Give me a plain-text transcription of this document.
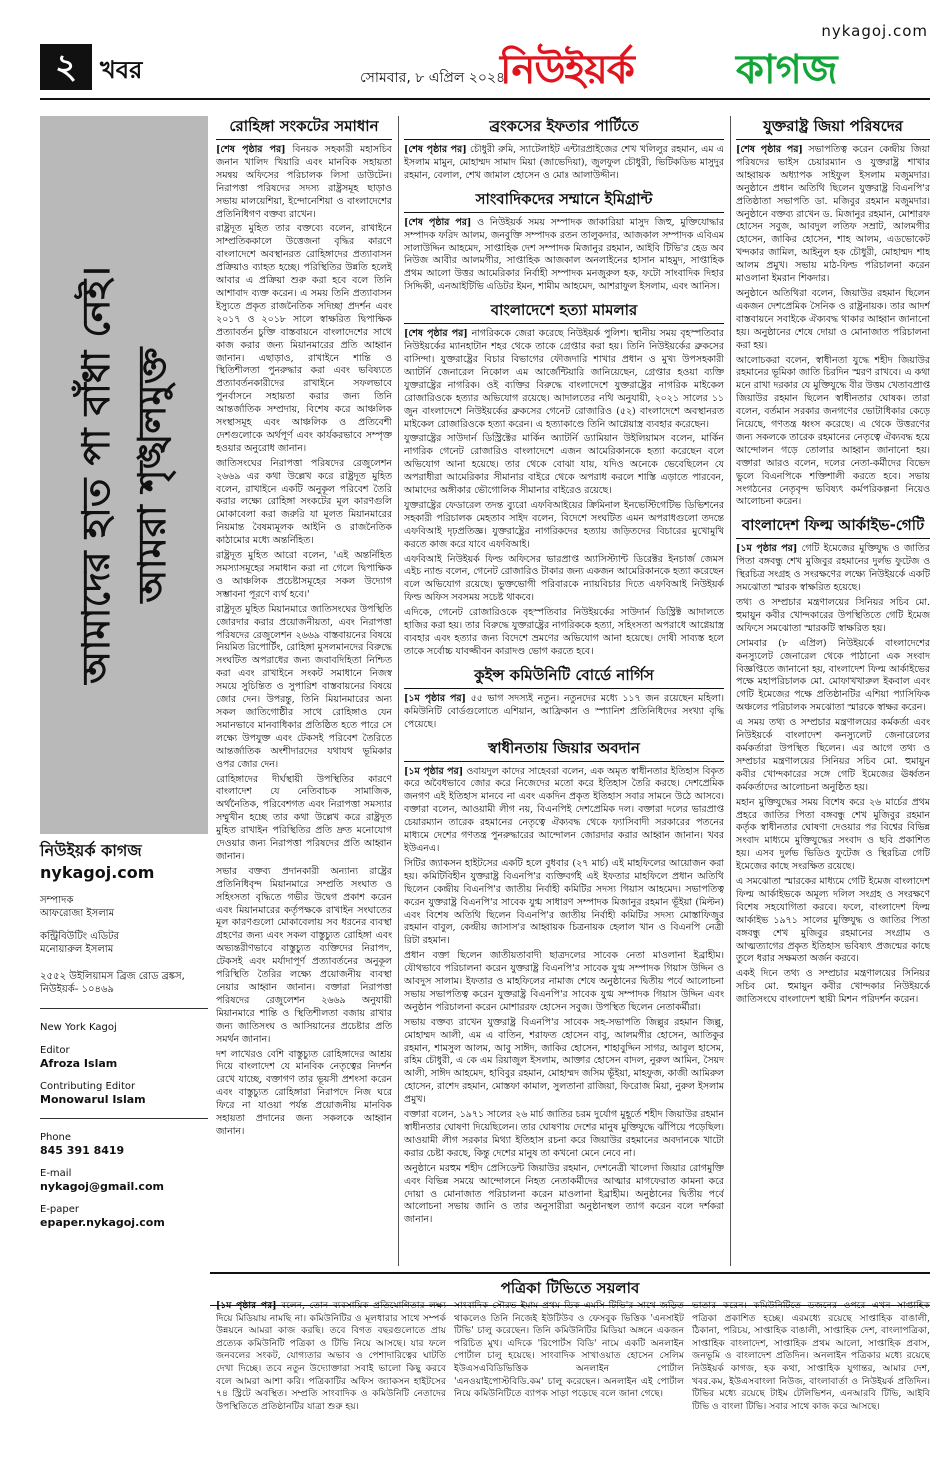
২ খবর	সোমবার, ৮ এপ্রিল ২০২৪
nykagoj.com
নিউইয়র্ক	কাগজ
আমাদের হাত পা বাঁধা নেই। আমরা শৃঙ্খলমুক্ত
নিউইয়র্ক কাগজ
nykagoj.com
সম্পাদক
আফরোজা ইসলাম
কন্ট্রিবিউটিং এডিটর
মনোয়ারুল ইসলাম
২৫৫২ উইলিয়ামস ব্রিজ রোড ব্রঙ্কস, নিউইয়র্ক- ১০৪৬৯
New York Kagoj
Editor
Afroza Islam
Contributing Editor
Monowarul Islam
Phone
845 391 8419
E-mail
nykagoj@gmail.com
E-paper
epaper.nykagoj.com
রোহিঙ্গা সংকটের সমাধান

[শেষ পৃষ্ঠার পর] বিনয়ক সহকারী মহাসচিব জনান খালিদ খিয়ারি এবং মানবিক সহায়তা সমন্বয় অফিসের পরিচালক লিসা ডাউটেন। নিরাপত্তা পরিষদের সদস্য রাষ্ট্রসমূহ ছাড়াও সভায় মালয়েশিয়া, ইন্দোনেশিয়া ও বাংলাদেশের প্রতিনিধিগণ বক্তব্য রাখেন।

রাষ্ট্রদূত মুহিত তার বক্তব্যে বলেন, রাখাইনে সাম্প্রতিককালে উত্তেজনা বৃদ্ধির কারণে বাংলাদেশে অবস্থানরত রোহিঙ্গাদের প্রত্যাবাসন প্রক্রিয়াও ব্যাহত হচ্ছে। পরিস্থিতির উন্নতি হলেই আবার এ প্রক্রিয়া শুরু করা হবে বলে তিনি আশাবাদ ব্যক্ত করেন। এ সময় তিনি প্রত্যাবাসন ইস্যুতে প্রকৃত রাজনৈতিক সদিচ্ছা প্রদর্শন এবং ২০১৭ ও ২০১৮ সালে স্বাক্ষরিত দ্বিপাক্ষিক প্রত্যাবর্তন চুক্তি বাস্তবায়নে বাংলাদেশের সাথে কাজ করার জন্য মিয়ানমারের প্রতি আহ্বান জানান। এছাড়াও, রাখাইনে শান্তি ও স্থিতিশীলতা পুনরুদ্ধার করা এবং ভবিষ্যতে প্রত্যাবর্তনকারীদের রাখাইনে সফলভাবে পুনর্বাসনে সহায়তা করার জন্য তিনি আন্তর্জাতিক সম্প্রদায়, বিশেষ করে আঞ্চলিক সংস্থাসমূহ এবং আঞ্চলিক ও প্রতিবেশী দেশগুলোকে অর্থপূর্ণ এবং কার্যকরভাবে সম্পৃক্ত হওয়ার অনুরোধ জানান।

জাতিসংঘের নিরাপত্তা পরিষদের রেজুলেশন ২৬৬৯ এর কথা উল্লেখ করে রাষ্ট্রদূত মুহিত বলেন, রাখাইনে একটি অনুকূল পরিবেশ তৈরি করার লক্ষ্যে রোহিঙ্গা সংকটের মূল কারণগুলি মোকাবেলা করা জরুরি যা মূলত মিয়ানমারের নিয়মান্ত বৈষম্যমূলক আইনি ও রাজনৈতিক কাঠামোর মধ্যে অন্তর্নিহিত।

রাষ্ট্রদূত মুহিত আরো বলেন, 'এই অন্তর্নিহিত সমস্যাসমূহের সমাধান করা না গেলে দ্বিপাক্ষিক ও আঞ্চলিক প্রচেষ্টাসমূহের সকল উদ্যোগ সম্ভাবনা পূরণে ব্যর্থ হবে।'

রাষ্ট্রদূত মুহিত মিয়ানমারে জাতিসংঘের উপস্থিতি জোরদার করার প্রয়োজনীয়তা, এবং নিরাপত্তা পরিষদের রেজুলেশন ২৬৬৯ বাস্তবায়নের বিষয়ে নিয়মিত রিপোর্টিং, রোহিঙ্গা মুসলমানদের বিরুদ্ধে সংঘটিত অপরাধের জন্য জবাবদিহিতা নিশ্চিত করা এবং রাখাইনে সংকট সমাধানে নিজস্ব সময়ে সুচিন্তিত ও সুপারিশ বাস্তবায়নের বিষয়ে জোর দেন। উপরন্তু, তিনি মিয়ানমারের অন্য সকল জাতিগোষ্ঠীর সাথে রোহিঙ্গাও যেন সমানভাবে মানবাধিকার প্রতিষ্ঠিত হতে পারে সে লক্ষ্যে উপযুক্ত এবং টেকসই পরিবেশ তৈরিতে আন্তর্জাতিক অংশীদারদের যথাযথ ভূমিকার ওপর জোর দেন।

রোহিঙ্গাদের দীর্ঘস্থায়ী উপস্থিতির কারণে বাংলাদেশ যে নেতিবাচক সামাজিক, অর্থনৈতিক, পরিবেশগত এবং নিরাপত্তা সমস্যার সম্মুখীন হচ্ছে তার কথা উল্লেখ করে রাষ্ট্রদূত মুহিত রাখাইন পরিস্থিতির প্রতি দ্রুত মনোযোগ দেওয়ার জন্য নিরাপত্তা পরিষদের প্রতি আহ্বান জানান।

সভার বক্তব্য প্রদানকারী অন্যান্য রাষ্ট্রের প্রতিনিধিবৃন্দ মিয়ানমারে সম্প্রতি সংঘাত ও সহিংসতা বৃদ্ধিতে গভীর উদ্বেগ প্রকাশ করেন এবং মিয়ানমারের কর্তৃপক্ষকে রাখাইন সংঘাতের মূল কারণগুলো মোকাবেলায় সব ধরনের ব্যবস্থা গ্রহণের জন্য এবং সকল বাস্তুচ্যুত রোহিঙ্গা এবং অভ্যন্তরীণভাবে বাস্তুচ্যুত ব্যক্তিদের নিরাপদ, টেকসই এবং মর্যাদাপূর্ণ প্রত্যাবর্তনের অনুকূল পরিস্থিতি তৈরির লক্ষ্যে প্রয়োজনীয় ব্যবস্থা নেয়ার আহ্বান জানান। বক্তারা নিরাপত্তা পরিষদের রেজুলেশন ২৬৬৯ অনুযায়ী মিয়ানমারে শান্তি ও স্থিতিশীলতা বজায় রাখার জন্য জাতিসংঘ ও আসিয়ানের প্রচেষ্টার প্রতি সমর্থন জানান।

দশ লাখেরও বেশি বাস্তুচ্যুত রোহিঙ্গাদের আশ্রয় দিয়ে বাংলাদেশ যে মানবিক নেতৃত্বের নিদর্শন রেখে যাচ্ছে, বক্তাগণ তার ভূয়সী প্রশংসা করেন এবং বাস্তুচ্যুত রোহিঙ্গারা নিরাপদে নিজ ঘরে ফিরে না যাওয়া পর্যন্ত প্রয়োজনীয় মানবিক সহায়তা প্রদানের জন্য সকলকে আহ্বান জানান।

ব্রংকসের ইফতার পার্টিতে

[শেষ পৃষ্ঠার পর] চৌধুরী রুমি, স্যাটেলাইট এন্টারপ্রাইজের শেখ খলিলুর রহমান, এম এ ইসলাম মামুন, মোহাম্মদ সামাদ মিয়া (জাভেদিয়া), জুলফুল চৌধুরী, ভিটিকডিভ মাসুদুর রহমান, বেলাল, শেখ জামাল হোসেন ও মোঃ আলাউদ্দীন।

সাংবাদিকদের সম্মানে ইমিগ্রান্ট

[শেষ পৃষ্ঠার পর] ও নিউইয়র্ক সময় সম্পাদক জাকারিয়া মাসুদ জিহু, মুক্তিযোদ্ধার সম্পাদক ফরিদ আলম, জনবুক্তি সম্পাদক রতন তালুকদার, আজকাল সম্পাদক এবিএম সালাউদ্দিন আহমেদ, সাপ্তাহিক দেশ সম্পাদক মিজানুর রহমান, আইবি টিভি'র হেড অব নিউজ আবীর আলমগীর, সাপ্তাহিক আজকাল অনলাইনের হাসান মাহমুদ, সাপ্তাহিক প্রথম আলো উত্তর আমেরিকার নির্বাহী সম্পাদক মনজুরুল হক, ফটো সাংবাদিক দিহার সিদ্দিকী, এনআইটিভি এডিটর ইমন, শামীম আহমেদ, আশরাফুল ইসলাম, এবং আনিস।

বাংলাদেশে হত্যা মামলার

[শেষ পৃষ্ঠার পর] নাগরিককে জেরা করেছে নিউইয়র্ক পুলিশ। স্থানীয় সময় বৃহস্পতিবার নিউইয়র্কের ম্যানহাটান শহর থেকে তাকে গ্রেপ্তার করা হয়। তিনি নিউইয়র্কের ব্রুকসের বাসিন্দা। যুক্তরাষ্ট্রের বিচার বিভাগের ফৌজদারি শাখার প্রধান ও মুখ্য উপসহকারী অ্যাটর্নি জেনারেল নিকোল এম আর্জেন্টিয়ারি জানিয়েছেন, গ্রেপ্তার হওয়া ব্যক্তি যুক্তরাষ্ট্রের নাগরিক। ওই ব্যক্তির বিরুদ্ধে বাংলাদেশে যুক্তরাষ্ট্রের নাগরিক মাইকেল রোজারিওকে হত্যার অভিযোগ রয়েছে। আদালতের নথি অনুযায়ী, ২০২১ সালের ১১ জুন বাংলাদেশে নিউইয়র্কের ব্রুকসের গেনেট রোজারিও (৫২) বাংলাদেশে অবস্থানরত মাইকেল রোজারিওকে হত্যা করেন। এ হত্যাকাণ্ডে তিনি আগ্নেয়াস্ত্র ব্যবহার করেছেন।

যুক্তরাষ্ট্রের সাউদার্ন ডিস্ট্রিক্টের মার্কিন অ্যাটর্নি ড্যামিয়ান উইলিয়ামস বলেন, মার্কিন নাগরিক গেনেট রোজারিও বাংলাদেশে এজন আমেরিকানকে হত্যা করেছেন বলে অভিযোগ আনা হয়েছে। তার থেকে বোঝা যায়, যদিও অনেকে ভেবেছিলেন যে অপরাধীরা আমেরিকার সীমানার বাইরে থেকে অপরাধ করলে শাস্তি এড়াতে পারবেন, আমাদের অঙ্গীকার ভৌগোলিক সীমানার বাইরেও রয়েছে।

যুক্তরাষ্ট্রের ফেডারেল তদন্ত ব্যুরো এফবিআইয়ের ক্রিমিনাল ইনভেস্টিগেটিভ ডিভিশনের সহকারী পরিচালক মেহতাব সাইদ বলেন, বিদেশে সংঘটিত এমন অপরাধগুলো তদন্তে এফবিআই দৃঢ়প্রতিজ্ঞ। যুক্তরাষ্ট্রের নাগরিকদের হত্যায় জড়িতদের বিচারের মুখোমুখি করতে কাজ করে যাবে এফবিআই।

এফবিআই নিউইয়র্ক ফিল্ড অফিসের ভারপ্রাপ্ত অ্যাসিস্ট্যান্ট ডিরেক্টর ইনচার্জ জেমস এইচ ন্যান্ড বলেন, গেনেট রোজারিও টাকার জন্য একজন আমেরিকানকে হত্যা করেছেন বলে অভিযোগ রয়েছে। ভুক্তভোগী পরিবারকে ন্যায়বিচার দিতে এফবিআই নিউইয়র্ক ফিল্ড অফিস সবসময় সচেষ্ট থাকবে।

এদিকে, গেনেট রোজারিওকে বৃহস্পতিবার নিউইয়র্কের সাউদার্ন ডিস্ট্রিক্ট আদালতে হাজির করা হয়। তার বিরুদ্ধে যুক্তরাষ্ট্রের নাগরিককে হত্যা, সহিংসতা অপরাধে আগ্নেয়াস্ত্র ব্যবহার এবং হত্যার জন্য বিদেশে ভ্রমণের অভিযোগ আনা হয়েছে। দোষী সাব্যস্ত হলে তাকে সর্বোচ্চ যাবজ্জীবন কারাদণ্ড ভোগ করতে হবে।

কুইন্স কমিউনিটি বোর্ডে নার্গিস

[১ম পৃষ্ঠার পর] ৫৫ ভাগ সদস্যই নতুন। নতুনদের মধ্যে ১১৭ জন রয়েছেন মহিলা। কমিউনিটি বোর্ডগুলোতে এশিয়ান, আফ্রিকান ও স্প্যানিশ প্রতিনিধিদের সংখ্যা বৃদ্ধি পেয়েছে।

স্বাধীনতায় জিয়ার অবদান

[১ম পৃষ্ঠার পর] ওবায়দুল কাদের সাহেবরা বলেন, এক অমৃত স্বাধীনতার ইতিহাস বিকৃত করে অবৈধভাবে জোর করে নিজেদের মতো করে ইতিহাস তৈরি করছে। দেশপ্রেমিক জনগণ এই ইতিহাস মানবে না এবং একদিন প্রকৃত ইতিহাস সবার সামনে উঠে আসবে। বক্তারা বলেন, আওয়ামী লীগ নয়, বিএনপিই দেশপ্রেমিক দল। বক্তারা দলের ভারপ্রাপ্ত চেয়ারম্যান তারেক রহমানের নেতৃত্বে ঐক্যবদ্ধ থেকে ফ্যাসিবাদী সরকারের পতনের মাধ্যমে দেশের গণতন্ত্র পুনরুদ্ধারের আন্দোলন জোরদার করার আহ্বান জানান। খবর ইউএনএ।

সিটির জ্যাকসন হাইটসের একটি হলে বুধবার (২৭ মার্চ) এই মাহফিলের আয়োজন করা হয়। কমিটিবিহীন যুক্তরাষ্ট্র বিএনপি'র ব্যক্তিবর্গই এই ইফতার মাহফিলে প্রধান অতিথি ছিলেন কেন্দ্রীয় বিএনপি'র জাতীয় নির্বাহী কমিটির সদস্য গিয়াস আহমেদ। সভাপতিত্ব করেন যুক্তরাষ্ট্র বিএনপি'র সাবেক যুগ্ম সাধারণ সম্পাদক মিজানুর রহমান ভূঁইয়া (মিল্টন) এবং বিশেষ অতিথি ছিলেন বিএনপি'র জাতীয় নির্বাহী কমিটির সদস্য মোস্তাফিজুর রহমান বাবুল, কেন্দ্রীয় জাসাস'র আহ্বায়ক চিত্রনায়ক হেলাল খান ও বিএনপি নেত্রী রিটা রহমান।

প্রধান বক্তা ছিলেন জাতীয়তাবাদী ছাত্রদলের সাবেক নেতা মাওলানা ইব্রাহীম। যৌথভাবে পরিচালনা করেন যুক্তরাষ্ট্র বিএনপি'র সাবেক যুগ্ম সম্পাদক গিয়াস উদ্দিন ও আবদুস সালাম। ইফতার ও মাহফিলের নামাজ শেষে অনুষ্ঠানের দ্বিতীয় পর্বে আলোচনা সভায় সভাপতিত্ব করেন যুক্তরাষ্ট্র বিএনপি'র সাবেক যুগ্ম সম্পাদক গিয়াস উদ্দিন এবং অনুষ্ঠান পরিচালনা করেন মোশাররফ হোসেন সবুজ। উপস্থিত ছিলেন নেতাকর্মীরা।

সভায় বক্তব্য রাখেন যুক্তরাষ্ট্র বিএনপি'র সাবেক সহ-সভাপতি জিল্লুর রহমান জিল্লু, মোহাম্মদ আলী, এম এ বাতিন, শরাফত হোসেন বাবু, আলমগীর হোসেন, আতিকুর রহমান, শামসুল আলম, আবু সাঈদ, জাকির হোসেন, শাহাবুদ্দিন সাগর, আবুল হাসেম, রহিম চৌধুরী, এ কে এম রিয়াজুল ইসলাম, আক্তার হোসেন বাদল, নুরুল আমিন, সৈয়দ আলী, সাঈদ আহমেদ, হাবিবুর রহমান, মোহাম্মদ জসিম ভূঁইয়া, মাহফুজ, কাজী আমিরুল হোসেন, রাশেদ রহমান, মোস্তফা কামাল, সুলতানা রাজিয়া, ফিরোজ মিয়া, নুরুল ইসলাম প্রমুখ।

বক্তারা বলেন, ১৯৭১ সালের ২৬ মার্চ জাতির চরম দুর্যোগ মুহূর্তে শহীদ জিয়াউর রহমান স্বাধীনতার ঘোষণা দিয়েছিলেন। তার ঘোষণায় দেশের মানুষ মুক্তিযুদ্ধে ঝাঁপিয়ে পড়েছিল। আওয়ামী লীগ সরকার মিথ্যা ইতিহাস রচনা করে জিয়াউর রহমানের অবদানকে খাটো করার চেষ্টা করছে, কিন্তু দেশের মানুষ তা কখনো মেনে নেবে না।

অনুষ্ঠানে মরহুম শহীদ প্রেসিডেন্ট জিয়াউর রহমান, দেশনেত্রী খালেদা জিয়ার রোগমুক্তি এবং বিভিন্ন সময়ে আন্দোলনে নিহত নেতাকর্মীদের আত্মার মাগফেরাত কামনা করে দোয়া ও মোনাজাত পরিচালনা করেন মাওলানা ইব্রাহীম। অনুষ্ঠানের দ্বিতীয় পর্বে আলোচনা সভায় জানি ও তার অনুসারীরা অনুষ্ঠানস্থল ত্যাগ করেন বলে দর্শকরা জানান।

যুক্তরাষ্ট্র জিয়া পরিষদের

[শেষ পৃষ্ঠার পর] সভাপতিত্ব করেন কেন্দ্রীয় জিয়া পরিষদের ভাইস চেয়ারম্যান ও যুক্তরাষ্ট্র শাখার আহ্বায়ক অধ্যাপক সাইফুল ইসলাম মজুমদার। অনুষ্ঠানে প্রধান অতিথি ছিলেন যুক্তরাষ্ট্র বিএনপি'র প্রতিষ্ঠাতা সভাপতি ডা. মজিবুর রহমান মজুমদার। অনুষ্ঠানে বক্তব্য রাখেন ড. মিজানুর রহমান, মোশারফ হোসেন সবুজ, আবদুল লতিফ সম্রাট, আলমগীর হোসেন, জাকির হোসেন, শাহ আলম, এডভোকেট খন্দকার জামিল, আইনুল হক চৌধুরী, মোহাম্মদ শাহ আলম প্রমুখ। সভায় মাঠ-ফিল্ড পরিচালনা করেন মাওলানা ইমরান শিকদার।

অনুষ্ঠানে অতিথিরা বলেন, জিয়াউর রহমান ছিলেন একজন দেশপ্রেমিক সৈনিক ও রাষ্ট্রনায়ক। তার আদর্শ বাস্তবায়নে সবাইকে ঐক্যবদ্ধ থাকার আহ্বান জানানো হয়। অনুষ্ঠানের শেষে দোয়া ও মোনাজাত পরিচালনা করা হয়।

আলোচকরা বলেন, স্বাধীনতা যুদ্ধে শহীদ জিয়াউর রহমানের ভূমিকা জাতি চিরদিন স্মরণ রাখবে। এ কথা মনে রাখা দরকার যে মুক্তিযুদ্ধে বীর উত্তম খেতাবপ্রাপ্ত জিয়াউর রহমান ছিলেন স্বাধীনতার ঘোষক। তারা বলেন, বর্তমান সরকার জনগণের ভোটাধিকার কেড়ে নিয়েছে, গণতন্ত্র ধ্বংস করেছে। এ থেকে উত্তরণের জন্য সকলকে তারেক রহমানের নেতৃত্বে ঐক্যবদ্ধ হয়ে আন্দোলন গড়ে তোলার আহ্বান জানানো হয়। বক্তারা আরও বলেন, দলের নেতা-কর্মীদের বিভেদ ভুলে বিএনপিকে শক্তিশালী করতে হবে। সভায় সংগঠনের নেতৃবৃন্দ ভবিষ্যৎ কর্মপরিকল্পনা নিয়েও আলোচনা করেন।

বাংলাদেশ ফিল্ম আর্কাইভ-গেটি

[১ম পৃষ্ঠার পর] গেটি ইমেজের মুক্তিযুদ্ধ ও জাতির পিতা বঙ্গবন্ধু শেখ মুজিবুর রহমানের দুর্লভ ফুটেজ ও স্থিরচিত্র সংগ্রহ ও সংরক্ষণের লক্ষ্যে নিউইয়র্কে একটি সমঝোতা স্মারক স্বাক্ষরিত হয়েছে।

তথ্য ও সম্প্রচার মন্ত্রণালয়ের সিনিয়র সচিব মো. হুমায়ুন কবীর খোন্দকারের উপস্থিতিতে গেটি ইমেজ অফিসে সমঝোতা স্মারকটি স্বাক্ষরিত হয়।

সোমবার (৮ এপ্রিল) নিউইয়র্কে বাংলাদেশের কনস্যুলেট জেনারেল থেকে পাঠানো এক সংবাদ বিজ্ঞপ্তিতে জানানো হয়, বাংলাদেশ ফিল্ম আর্কাইভের পক্ষে মহাপরিচালক মো. মোফাখখারুল ইকবাল এবং গেটি ইমেজের পক্ষে প্রতিষ্ঠানটির এশিয়া প্যাসিফিক অঞ্চলের পরিচালক সমঝোতা স্মারকে স্বাক্ষর করেন।

এ সময় তথ্য ও সম্প্রচার মন্ত্রণালয়ের কর্মকর্তা এবং নিউইয়র্কে বাংলাদেশ কনস্যুলেট জেনারেলের কর্মকর্তারা উপস্থিত ছিলেন। এর আগে তথ্য ও সম্প্রচার মন্ত্রণালয়ের সিনিয়র সচিব মো. হুমায়ুন কবীর খোন্দকারের সঙ্গে গেটি ইমেজের ঊর্ধ্বতন কর্মকর্তাদের আলোচনা অনুষ্ঠিত হয়।

মহান মুক্তিযুদ্ধের সময় বিশেষ করে ২৬ মার্চের প্রথম প্রহরে জাতির পিতা বঙ্গবন্ধু শেখ মুজিবুর রহমান কর্তৃক স্বাধীনতার ঘোষণা দেওয়ার পর বিশ্বের বিভিন্ন সংবাদ মাধ্যমে মুক্তিযুদ্ধের সংবাদ ও ছবি প্রকাশিত হয়। এসব দুর্লভ ভিডিও ফুটেজ ও স্থিরচিত্র গেটি ইমেজের কাছে সংরক্ষিত রয়েছে।

এ সমঝোতা স্মারকের মাধ্যমে গেটি ইমেজ বাংলাদেশ ফিল্ম আর্কাইভকে অমূল্য দলিল সংগ্রহ ও সংরক্ষণে বিশেষ সহযোগিতা করবে। ফলে, বাংলাদেশ ফিল্ম আর্কাইভ ১৯৭১ সালের মুক্তিযুদ্ধ ও জাতির পিতা বঙ্গবন্ধু শেখ মুজিবুর রহমানের সংগ্রাম ও আত্মত্যাগের প্রকৃত ইতিহাস ভবিষ্যৎ প্রজন্মের কাছে তুলে ধরার সক্ষমতা অর্জন করবে।

একই দিনে তথ্য ও সম্প্রচার মন্ত্রণালয়ের সিনিয়র সচিব মো. হুমায়ুন কবীর খোন্দকার নিউইয়র্কে জাতিসংঘে বাংলাদেশ স্থায়ী মিশন পরিদর্শন করেন।

পত্রিকা টিভিতে সয়লাব
[১ম পৃষ্ঠার পর] বলেন, তোন ব্যবসায়িক প্রতিযোগিতার লক্ষ্য দিয়ে মিডিয়ায় নামছি না। কমিউনিটির ও মূলধারার সাথে সম্পর্ক উন্নয়নে আমরা কাজ করছি। তবে বিগত বছরগুলোতে প্রায় প্রত্যেক কমিউনিটি পত্রিকা ও টিভি নিয়ে আসছে। যার ফলে জনবলের সংকট, যোগ্যতার অভাব ও পেশাদারিত্বের ঘাটতি দেখা দিচ্ছে। তবে নতুন উদ্যোক্তারা সবাই ভালো কিছু করবে বলে আমরা আশা করি। পত্রিকাটির অফিস জ্যাকসন হাইটসের ৭৪ স্ট্রিটে অবস্থিত। সম্প্রতি সাংবাদিক ও কমিউনিটি নেতাদের উপস্থিতিতে প্রতিষ্ঠানটির যাত্রা শুরু হয়।
সাংবাদিক সৌরভ ইমাম প্রথম ডিক এমসি টিভি'র সাথে জড়িত থাকলেও তিনি নিজেই ইউটিউব ও ফেসবুক ভিত্তিক 'এনসাইট টিভি' চালু করেছেন। তিনি কমিউনিটির মিডিয়া অঙ্গনে একজন পরিচিত মুখ। এদিকে 'রিপোর্টস বিডি' নামে একটি অনলাইন পোর্টাল চালু হয়েছে। সাংবাদিক সাখাওয়াত হোসেন সেলিম ইউএসএবিডিভিত্তিক অনলাইন পোর্টাল 'এনওয়াইপোস্টবিডি.কম' চালু করেছেন। অনলাইন এই পোর্টাল নিয়ে কমিউনিটিতে ব্যাপক সাড়া পড়েছে বলে জানা গেছে।
ভাতার করেন। কমিউনিটিতে ডজনের ওপরে এখন সাপ্তাহিক পত্রিকা প্রকাশিত হচ্ছে। এরমধ্যে রয়েছে সাপ্তাহিক বাঙালী, ঠিকানা, পরিচয়, সাপ্তাহিক বাঙালী, সাপ্তাহিক দেশ, বাংলাপত্রিকা, সাপ্তাহিক বাংলাদেশ, সাপ্তাহিক প্রথম আলো, সাপ্তাহিক প্রবাস, জনভূমি ও বাংলাদেশ প্রতিদিন। অনলাইন পত্রিকার মধ্যে রয়েছে নিউইয়র্ক কাগজ, হক কথা, সাপ্তাহিক যুগান্তর, আমার দেশ, খবর.কম, ইউএসবাংলা নিউজ, বাংলাবার্তা ও নিউইয়র্ক প্রতিদিন। টিভির মধ্যে রয়েছে টাইম টেলিভিশন, এনআরবি টিভি, আইবি টিভি ও বাংলা টিভি। সবার সাথে কাজ করে আসছে।
